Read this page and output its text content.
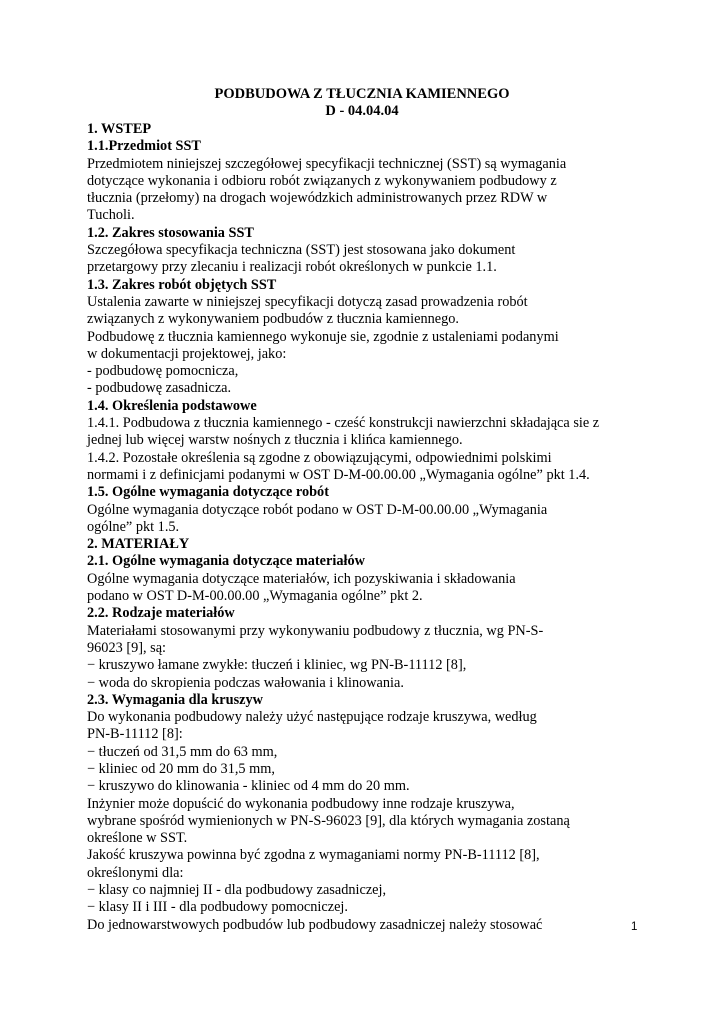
PODBUDOWA Z TŁUCZNIA KAMIENNEGO
D - 04.04.04
1. WSTEP
1.1.Przedmiot SST
Przedmiotem niniejszej szczegółowej specyfikacji technicznej (SST) są wymagania
dotyczące wykonania i odbioru robót związanych z wykonywaniem podbudowy z
tłucznia (przełomy) na drogach wojewódzkich administrowanych przez RDW w
Tucholi.
1.2. Zakres stosowania SST
Szczegółowa specyfikacja techniczna (SST) jest stosowana jako dokument
przetargowy przy zlecaniu i realizacji robót określonych w punkcie 1.1.
1.3. Zakres robót objętych SST
Ustalenia zawarte w niniejszej specyfikacji dotyczą zasad prowadzenia robót
związanych z wykonywaniem podbudów z tłucznia kamiennego.
Podbudowę z tłucznia kamiennego wykonuje sie, zgodnie z ustaleniami podanymi
w dokumentacji projektowej, jako:
- podbudowę pomocnicza,
- podbudowę zasadnicza.
1.4. Określenia podstawowe
1.4.1. Podbudowa z tłucznia kamiennego - cześć konstrukcji nawierzchni składająca sie z
jednej lub więcej warstw nośnych z tłucznia i klińca kamiennego.
1.4.2. Pozostałe określenia są zgodne z obowiązującymi, odpowiednimi polskimi
normami i z definicjami podanymi w OST D-M-00.00.00 „Wymagania ogólne” pkt 1.4.
1.5. Ogólne wymagania dotyczące robót
Ogólne wymagania dotyczące robót podano w OST D-M-00.00.00 „Wymagania
ogólne” pkt 1.5.
2. MATERIAŁY
2.1. Ogólne wymagania dotyczące materiałów
Ogólne wymagania dotyczące materiałów, ich pozyskiwania i składowania
podano w OST D-M-00.00.00 „Wymagania ogólne” pkt 2.
2.2. Rodzaje materiałów
Materiałami stosowanymi przy wykonywaniu podbudowy z tłucznia, wg PN-S-
96023 [9], są:
− kruszywo łamane zwykłe: tłuczeń i kliniec, wg PN-B-11112 [8],
− woda do skropienia podczas wałowania i klinowania.
2.3. Wymagania dla kruszyw
Do wykonania podbudowy należy użyć następujące rodzaje kruszywa, według
PN-B-11112 [8]:
− tłuczeń od 31,5 mm do 63 mm,
− kliniec od 20 mm do 31,5 mm,
− kruszywo do klinowania - kliniec od 4 mm do 20 mm.
Inżynier może dopuścić do wykonania podbudowy inne rodzaje kruszywa,
wybrane spośród wymienionych w PN-S-96023 [9], dla których wymagania zostaną
określone w SST.
Jakość kruszywa powinna być zgodna z wymaganiami normy PN-B-11112 [8],
określonymi dla:
− klasy co najmniej II - dla podbudowy zasadniczej,
− klasy II i III - dla podbudowy pomocniczej.
Do jednowarstwowych podbudów lub podbudowy zasadniczej należy stosować	1
